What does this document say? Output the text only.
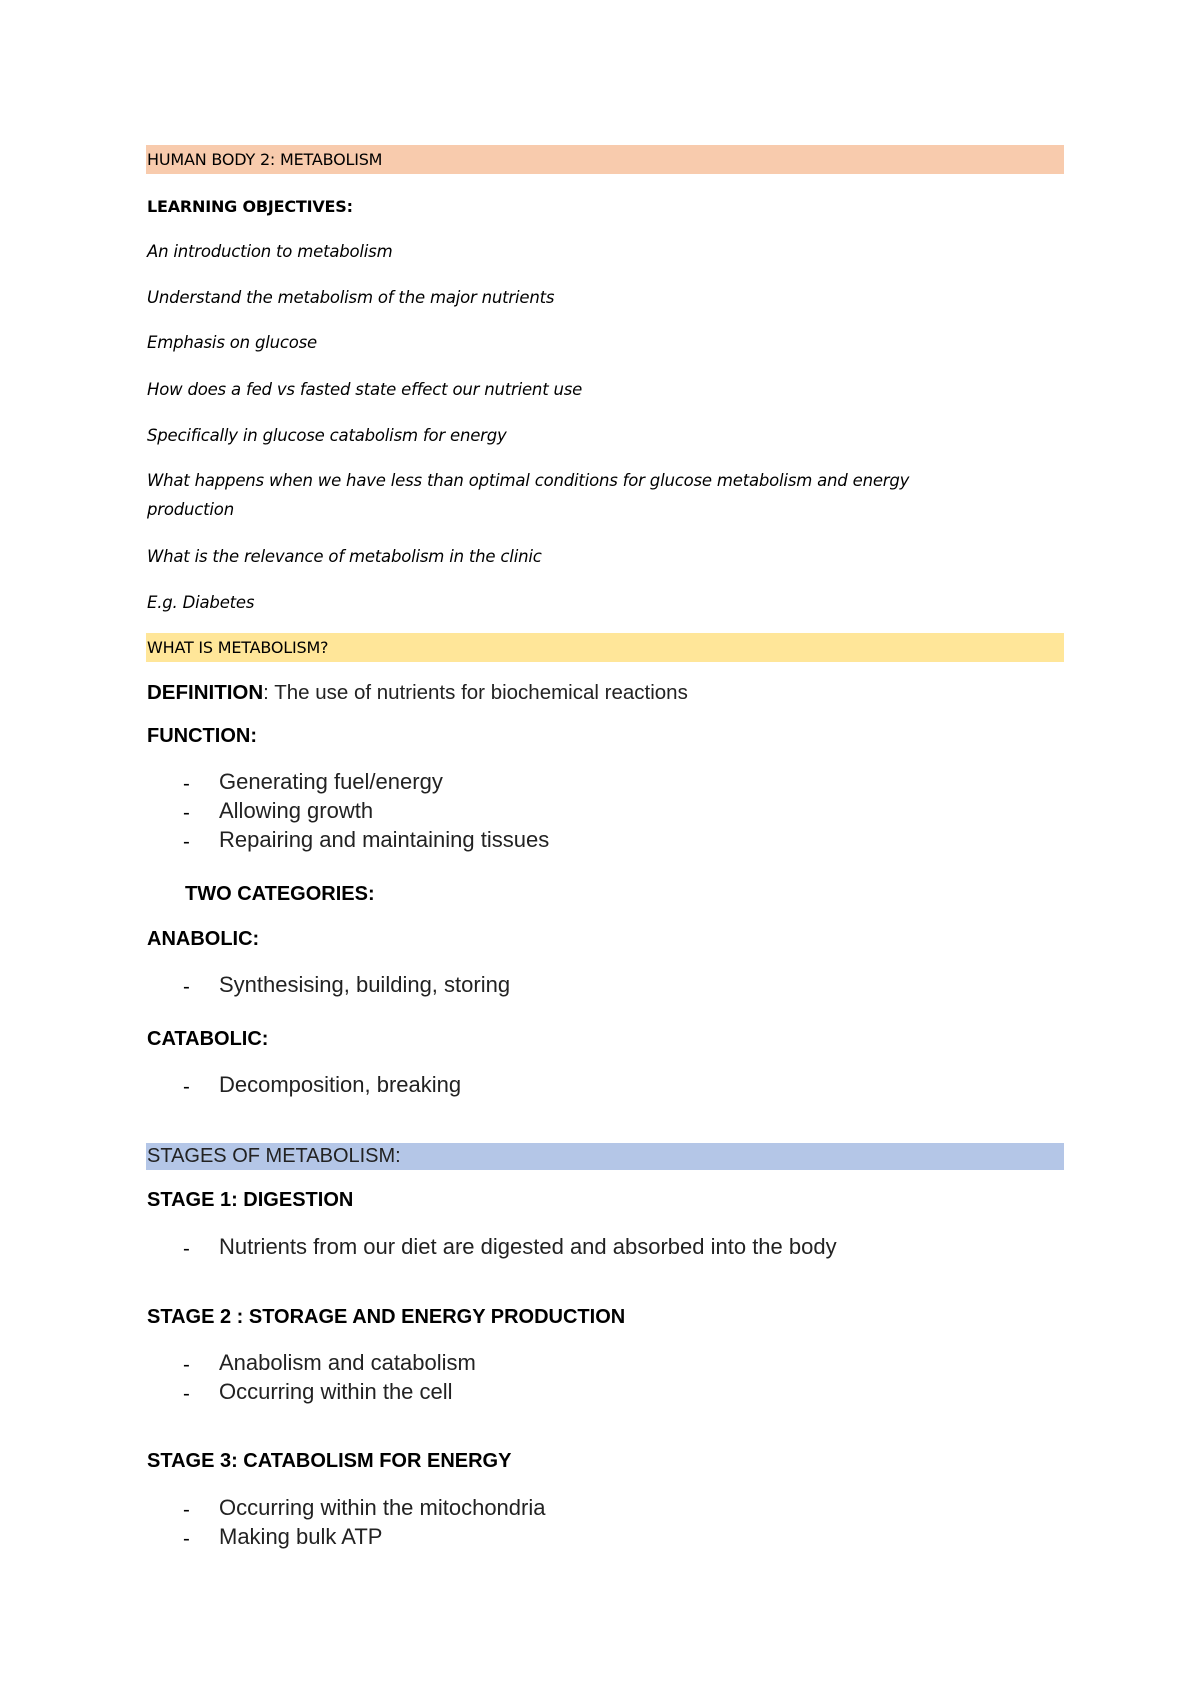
HUMAN BODY 2: METABOLISM
LEARNING OBJECTIVES:
An introduction to metabolism
Understand the metabolism of the major nutrients
Emphasis on glucose
How does a fed vs fasted state effect our nutrient use
Specifically in glucose catabolism for energy
What happens when we have less than optimal conditions for glucose metabolism and energy
production
What is the relevance of metabolism in the clinic
E.g. Diabetes
WHAT IS METABOLISM?
DEFINITION: The use of nutrients for biochemical reactions
FUNCTION:
- Generating fuel/energy
- Allowing growth
- Repairing and maintaining tissues
TWO CATEGORIES:
ANABOLIC:
- Synthesising, building, storing
CATABOLIC:
- Decomposition, breaking
STAGES OF METABOLISM:
STAGE 1: DIGESTION
- Nutrients from our diet are digested and absorbed into the body
STAGE 2 : STORAGE AND ENERGY PRODUCTION
- Anabolism and catabolism
- Occurring within the cell
STAGE 3: CATABOLISM FOR ENERGY
- Occurring within the mitochondria
- Making bulk ATP
